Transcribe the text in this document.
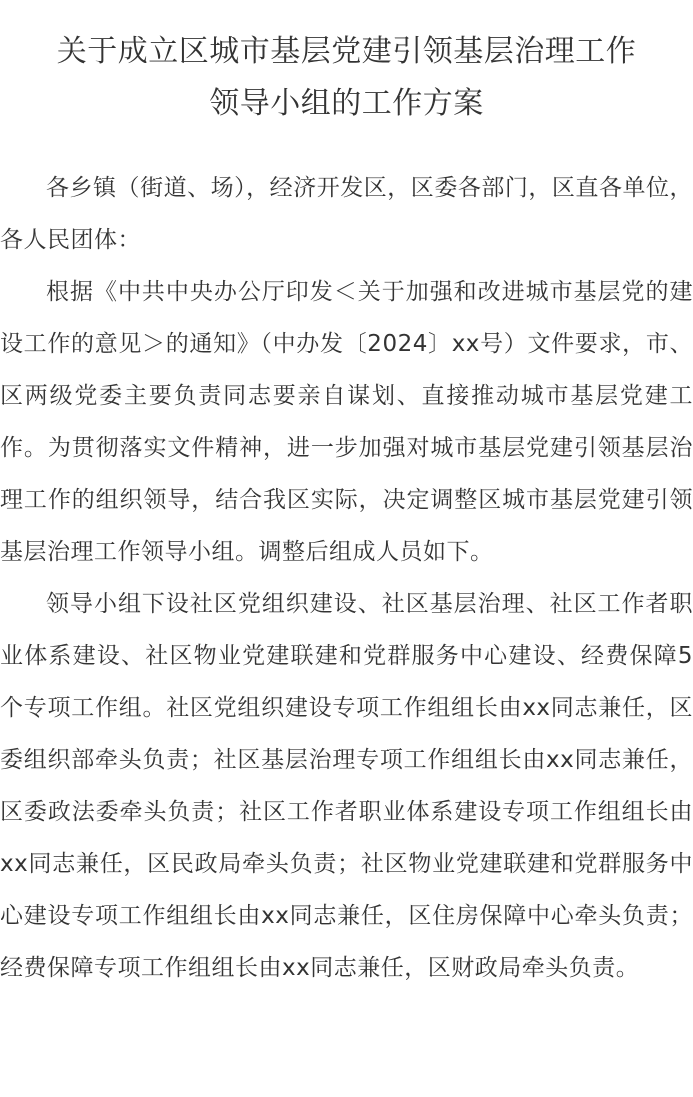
关于成立区城市基层党建引领基层治理工作
领导小组的工作方案

各乡镇（街道、场），经济开发区，区委各部门，区直各单位，各人民团体：

根据《中共中央办公厅印发＜关于加强和改进城市基层党的建设工作的意见＞的通知》（中办发〔2024〕xx号）文件要求，市、区两级党委主要负责同志要亲自谋划、直接推动城市基层党建工作。为贯彻落实文件精神，进一步加强对城市基层党建引领基层治理工作的组织领导，结合我区实际，决定调整区城市基层党建引领基层治理工作领导小组。调整后组成人员如下。

领导小组下设社区党组织建设、社区基层治理、社区工作者职业体系建设、社区物业党建联建和党群服务中心建设、经费保障5个专项工作组。社区党组织建设专项工作组组长由xx同志兼任，区委组织部牵头负责；社区基层治理专项工作组组长由xx同志兼任，区委政法委牵头负责；社区工作者职业体系建设专项工作组组长由xx同志兼任，区民政局牵头负责；社区物业党建联建和党群服务中心建设专项工作组组长由xx同志兼任，区住房保障中心牵头负责；经费保障专项工作组组长由xx同志兼任，区财政局牵头负责。
